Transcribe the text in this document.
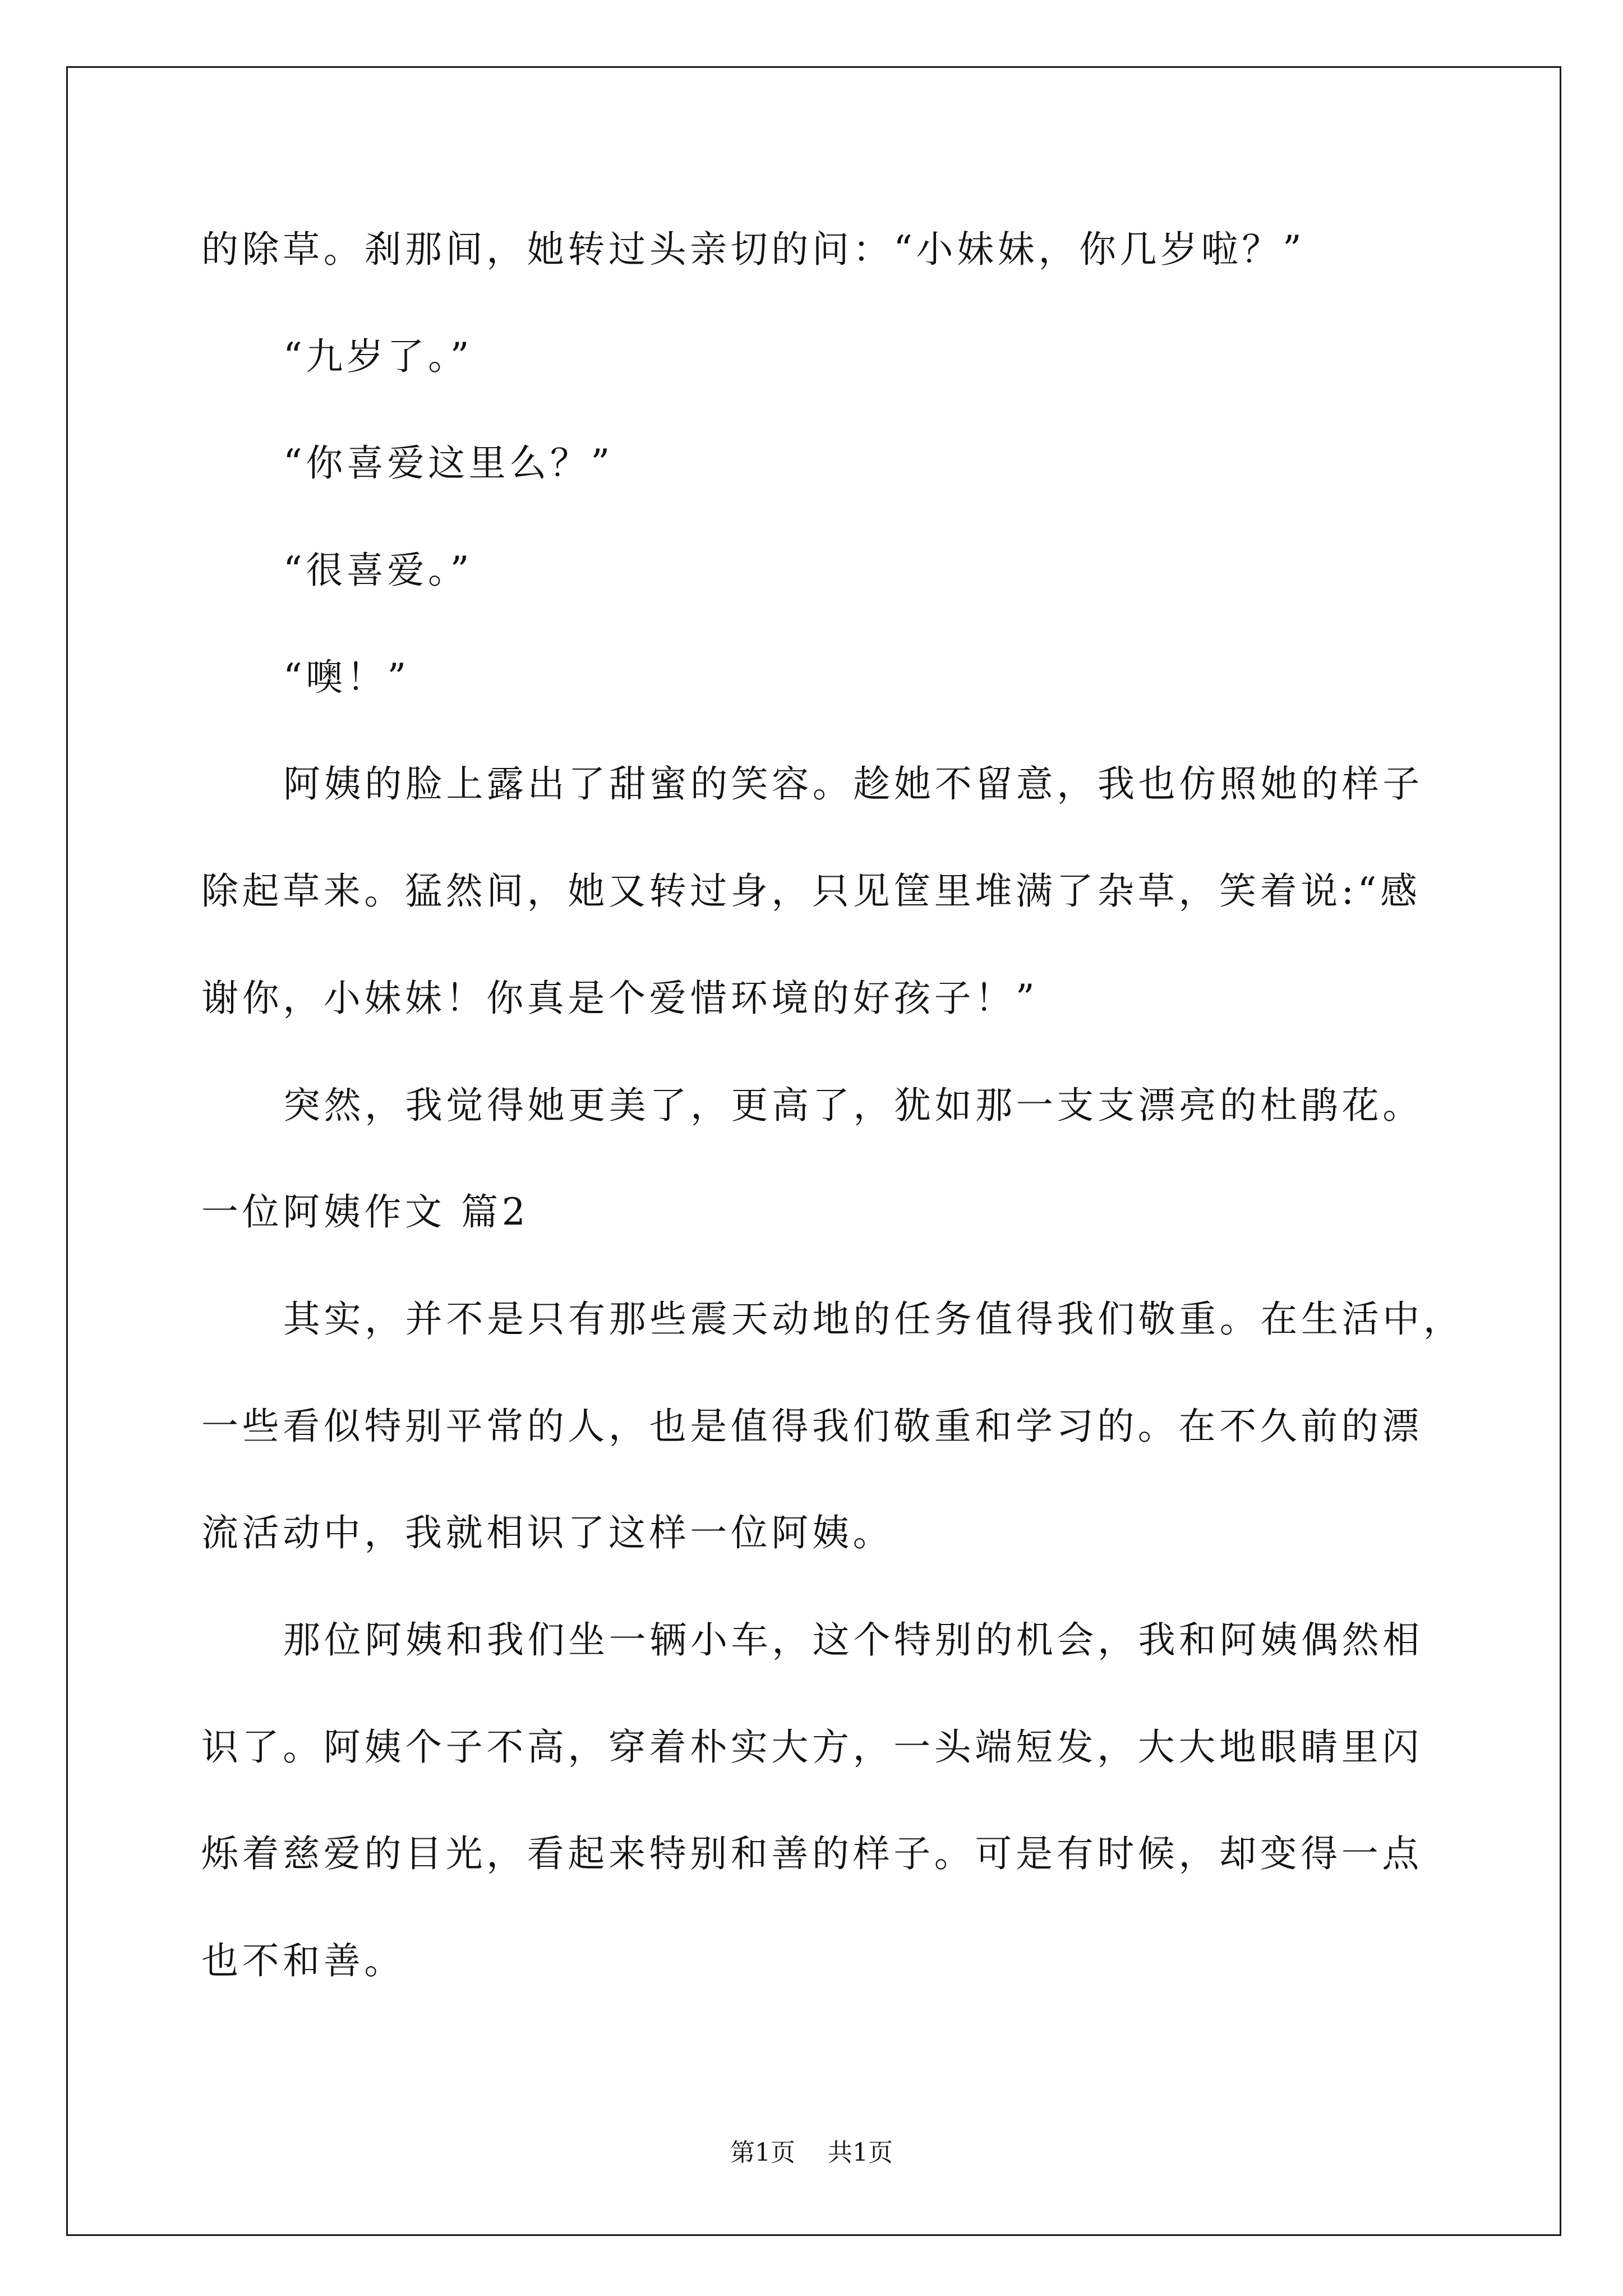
的除草。刹那间，她转过头亲切的问：“小妹妹，你几岁啦？”

“九岁了。”

“你喜爱这里么？”

“很喜爱。”

“噢！”

阿姨的脸上露出了甜蜜的笑容。趁她不留意，我也仿照她的样子
除起草来。猛然间，她又转过身，只见筐里堆满了杂草，笑着说:“感
谢你，小妹妹！你真是个爱惜环境的好孩子！”

突然，我觉得她更美了，更高了，犹如那一支支漂亮的杜鹃花。

一位阿姨作文 篇2

其实，并不是只有那些震天动地的任务值得我们敬重。在生活中，
一些看似特别平常的人，也是值得我们敬重和学习的。在不久前的漂
流活动中，我就相识了这样一位阿姨。

那位阿姨和我们坐一辆小车，这个特别的机会，我和阿姨偶然相
识了。阿姨个子不高，穿着朴实大方，一头端短发，大大地眼睛里闪
烁着慈爱的目光，看起来特别和善的样子。可是有时候，却变得一点
也不和善。

第1页 共1页
